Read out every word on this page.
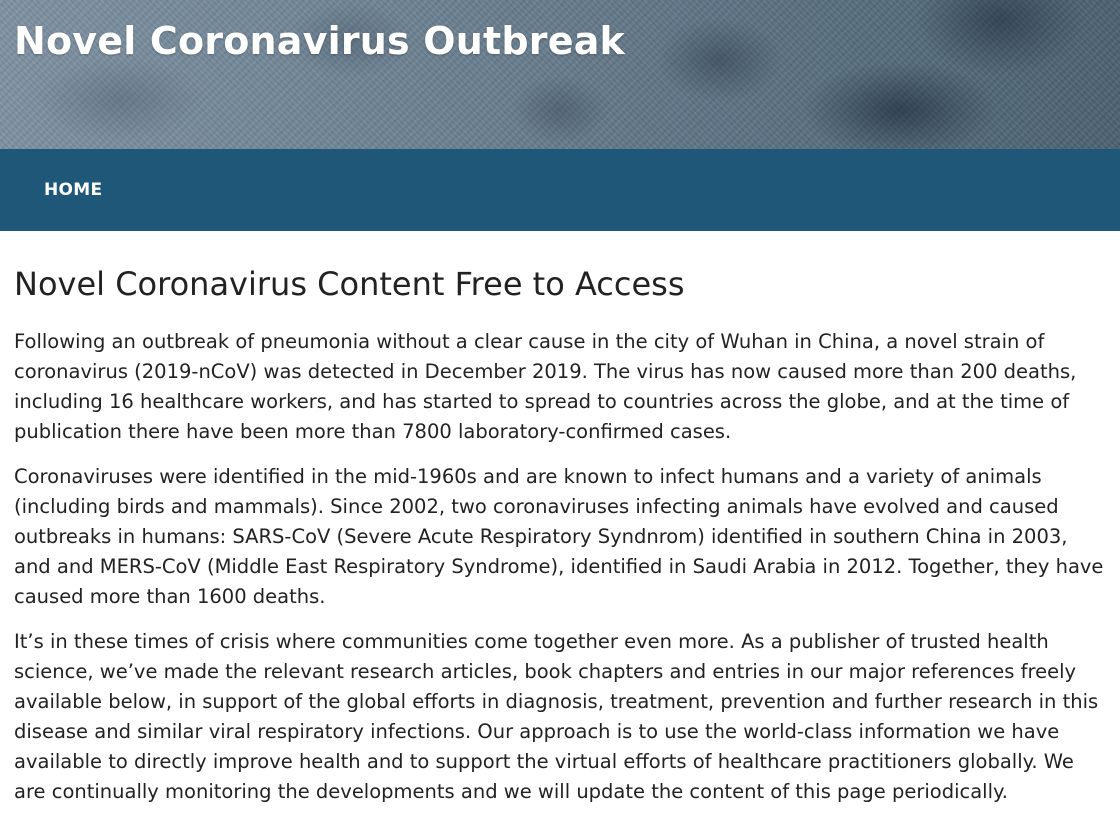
Novel Coronavirus Outbreak
HOME
Novel Coronavirus Content Free to Access

Following an outbreak of pneumonia without a clear cause in the city of Wuhan in China, a novel strain of coronavirus (2019-nCoV) was detected in December 2019. The virus has now caused more than 200 deaths, including 16 healthcare workers, and has started to spread to countries across the globe, and at the time of publication there have been more than 7800 laboratory-confirmed cases.

Coronaviruses were identified in the mid-1960s and are known to infect humans and a variety of animals (including birds and mammals). Since 2002, two coronaviruses infecting animals have evolved and caused outbreaks in humans: SARS-CoV (Severe Acute Respiratory Syndnrom) identified in southern China in 2003, and and MERS-CoV (Middle East Respiratory Syndrome), identified in Saudi Arabia in 2012. Together, they have caused more than 1600 deaths.

It’s in these times of crisis where communities come together even more. As a publisher of trusted health science, we’ve made the relevant research articles, book chapters and entries in our major references freely available below, in support of the global efforts in diagnosis, treatment, prevention and further research in this disease and similar viral respiratory infections. Our approach is to use the world-class information we have available to directly improve health and to support the virtual efforts of healthcare practitioners globally. We are continually monitoring the developments and we will update the content of this page periodically.
